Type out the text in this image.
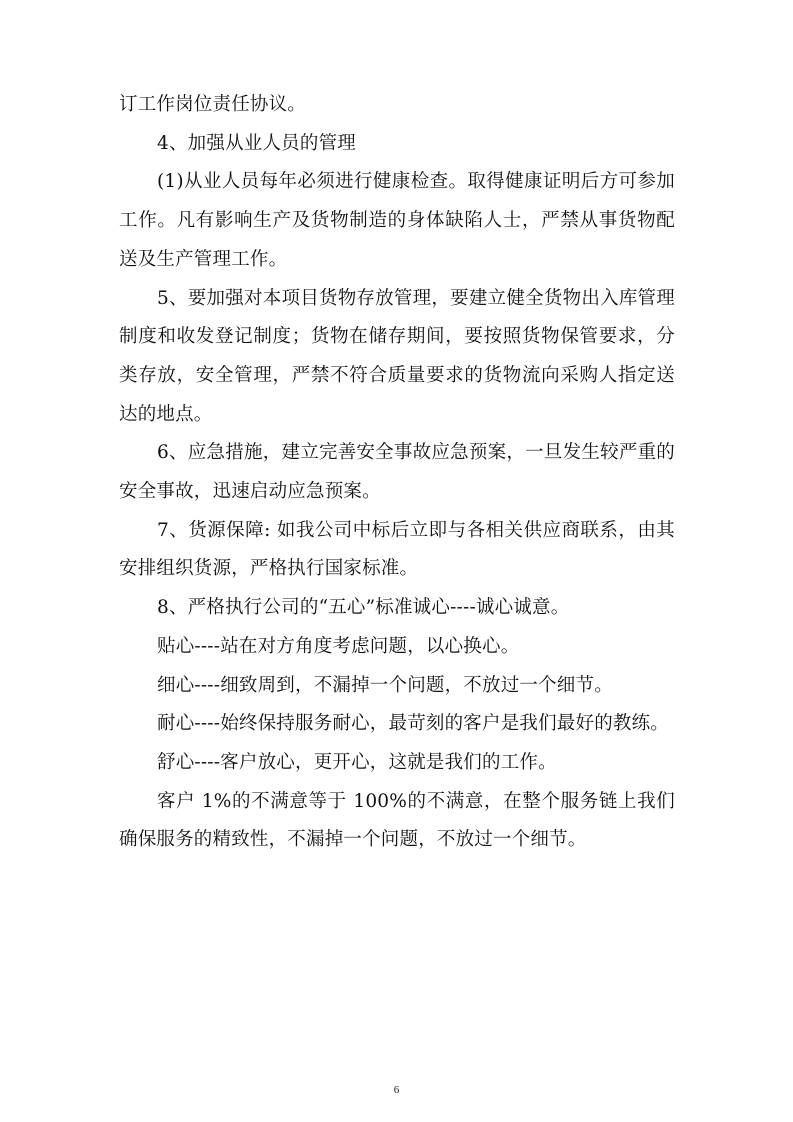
订工作岗位责任协议。

4、加强从业人员的管理

(1)从业人员每年必须进行健康检查。取得健康证明后方可参加工作。凡有影响生产及货物制造的身体缺陷人士，严禁从事货物配送及生产管理工作。

5、要加强对本项目货物存放管理，要建立健全货物出入库管理制度和收发登记制度；货物在储存期间，要按照货物保管要求，分类存放，安全管理，严禁不符合质量要求的货物流向采购人指定送达的地点。

6、应急措施，建立完善安全事故应急预案，一旦发生较严重的安全事故，迅速启动应急预案。

7、货源保障: 如我公司中标后立即与各相关供应商联系，由其安排组织货源，严格执行国家标准。

8、严格执行公司的“五心”标准诚心----诚心诚意。

贴心----站在对方角度考虑问题，以心换心。

细心----细致周到，不漏掉一个问题，不放过一个细节。

耐心----始终保持服务耐心，最苛刻的客户是我们最好的教练。

舒心----客户放心，更开心，这就是我们的工作。

客户 1%的不满意等于 100%的不满意，在整个服务链上我们确保服务的精致性，不漏掉一个问题，不放过一个细节。

6
